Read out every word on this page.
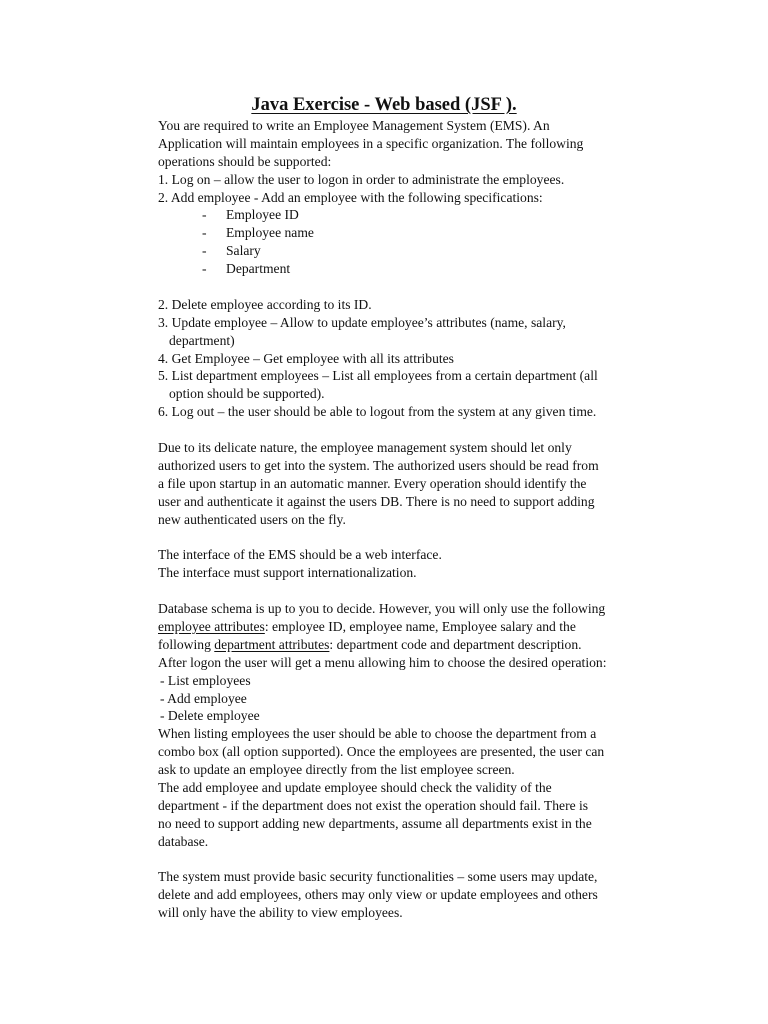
Java Exercise - Web based (JSF ).
You are required to write an Employee Management System (EMS). An
Application will maintain employees in a specific organization. The following
operations should be supported:
1. Log on – allow the user to logon in order to administrate the employees.
2. Add employee - Add an employee with the following specifications:
- Employee ID
- Employee name
- Salary
- Department
2. Delete employee according to its ID.
3. Update employee – Allow to update employee’s attributes (name, salary,
department)
4. Get Employee – Get employee with all its attributes
5. List department employees – List all employees from a certain department (all
option should be supported).
6. Log out – the user should be able to logout from the system at any given time.
Due to its delicate nature, the employee management system should let only
authorized users to get into the system. The authorized users should be read from
a file upon startup in an automatic manner. Every operation should identify the
user and authenticate it against the users DB. There is no need to support adding
new authenticated users on the fly.
The interface of the EMS should be a web interface.
The interface must support internationalization.
Database schema is up to you to decide. However, you will only use the following
employee attributes: employee ID, employee name, Employee salary and the
following department attributes: department code and department description.
After logon the user will get a menu allowing him to choose the desired operation:
- List employees
- Add employee
- Delete employee
When listing employees the user should be able to choose the department from a
combo box (all option supported). Once the employees are presented, the user can
ask to update an employee directly from the list employee screen.
The add employee and update employee should check the validity of the
department - if the department does not exist the operation should fail. There is
no need to support adding new departments, assume all departments exist in the
database.
The system must provide basic security functionalities – some users may update,
delete and add employees, others may only view or update employees and others
will only have the ability to view employees.
